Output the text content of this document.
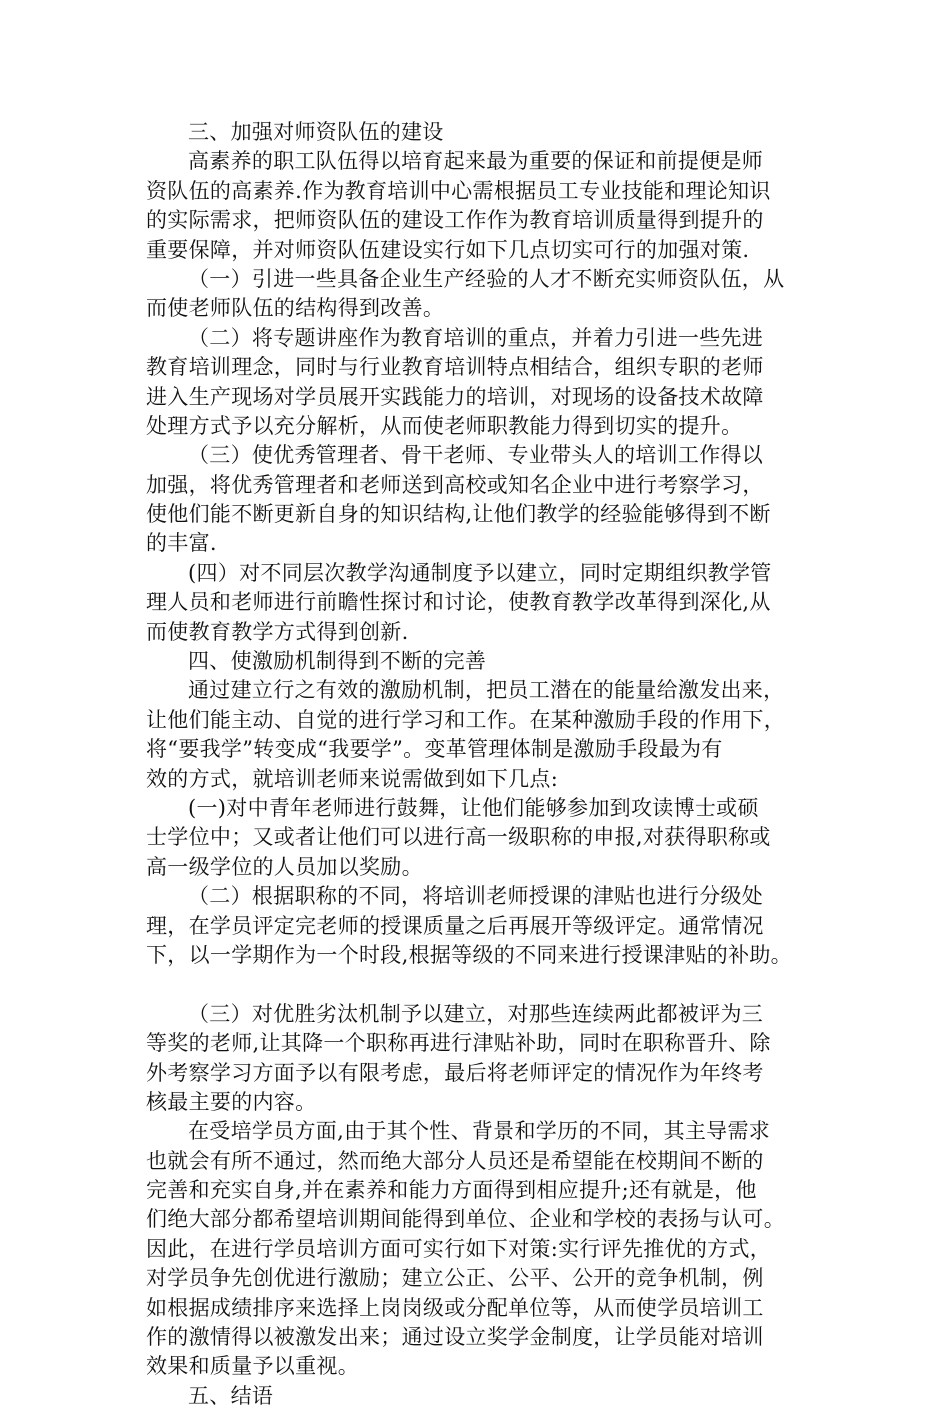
三、加强对师资队伍的建设
高素养的职工队伍得以培育起来最为重要的保证和前提便是师
资队伍的高素养.作为教育培训中心需根据员工专业技能和理论知识
的实际需求，把师资队伍的建设工作作为教育培训质量得到提升的
重要保障，并对师资队伍建设实行如下几点切实可行的加强对策.
（一）引进一些具备企业生产经验的人才不断充实师资队伍，从
而使老师队伍的结构得到改善。
（二）将专题讲座作为教育培训的重点，并着力引进一些先进
教育培训理念，同时与行业教育培训特点相结合，组织专职的老师
进入生产现场对学员展开实践能力的培训，对现场的设备技术故障
处理方式予以充分解析，从而使老师职教能力得到切实的提升。
（三）使优秀管理者、骨干老师、专业带头人的培训工作得以
加强，将优秀管理者和老师送到高校或知名企业中进行考察学习，
使他们能不断更新自身的知识结构,让他们教学的经验能够得到不断
的丰富.
(四）对不同层次教学沟通制度予以建立，同时定期组织教学管
理人员和老师进行前瞻性探讨和讨论，使教育教学改革得到深化,从
而使教育教学方式得到创新.
四、使激励机制得到不断的完善
通过建立行之有效的激励机制，把员工潜在的能量给激发出来，
让他们能主动、自觉的进行学习和工作。在某种激励手段的作用下，
将“要我学”转变成“我要学”。变革管理体制是激励手段最为有
效的方式，就培训老师来说需做到如下几点:
(一)对中青年老师进行鼓舞，让他们能够参加到攻读博士或硕
士学位中；又或者让他们可以进行高一级职称的申报,对获得职称或
高一级学位的人员加以奖励。
（二）根据职称的不同，将培训老师授课的津贴也进行分级处
理，在学员评定完老师的授课质量之后再展开等级评定。通常情况
下，以一学期作为一个时段,根据等级的不同来进行授课津贴的补助。
（三）对优胜劣汰机制予以建立，对那些连续两此都被评为三
等奖的老师,让其降一个职称再进行津贴补助，同时在职称晋升、除
外考察学习方面予以有限考虑，最后将老师评定的情况作为年终考
核最主要的内容。
在受培学员方面,由于其个性、背景和学历的不同，其主导需求
也就会有所不通过，然而绝大部分人员还是希望能在校期间不断的
完善和充实自身,并在素养和能力方面得到相应提升;还有就是，他
们绝大部分都希望培训期间能得到单位、企业和学校的表扬与认可。
因此，在进行学员培训方面可实行如下对策:实行评先推优的方式，
对学员争先创优进行激励；建立公正、公平、公开的竞争机制，例
如根据成绩排序来选择上岗岗级或分配单位等，从而使学员培训工
作的激情得以被激发出来；通过设立奖学金制度，让学员能对培训
效果和质量予以重视。
五、结语
